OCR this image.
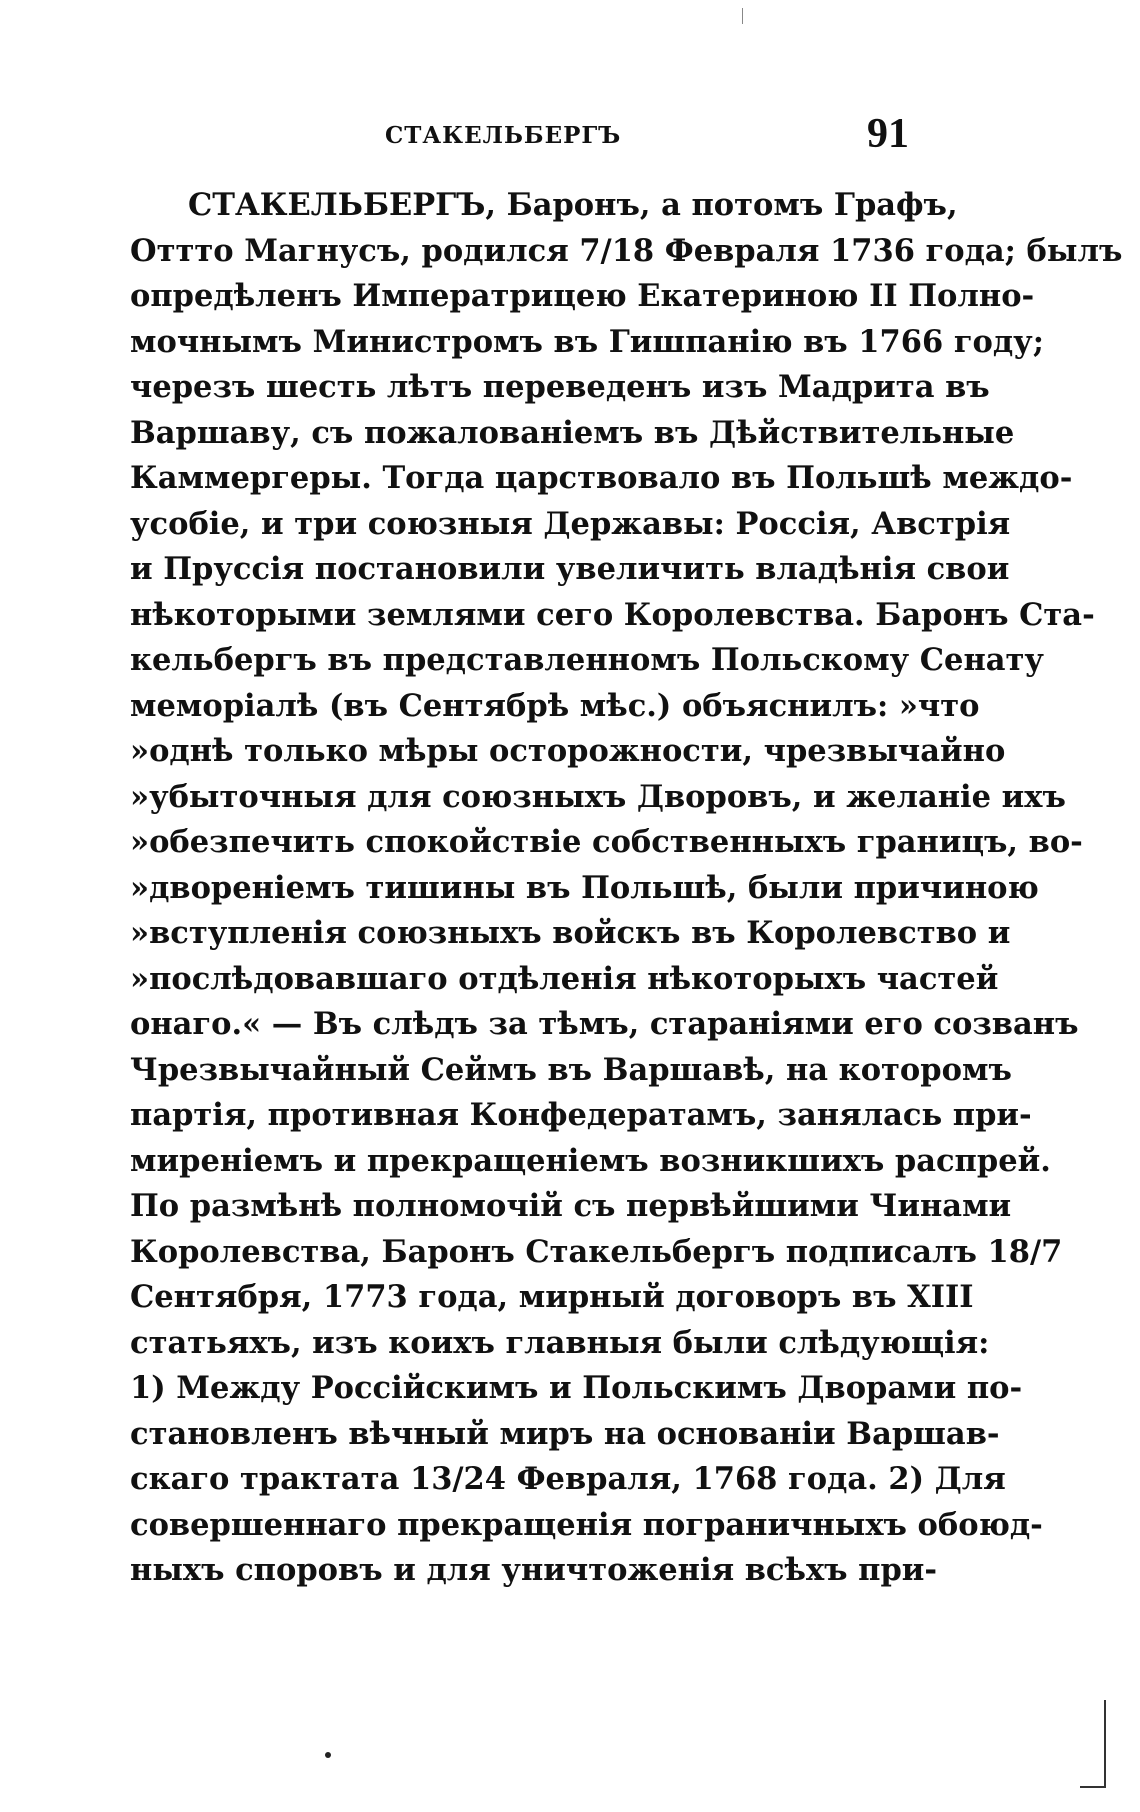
СТАКЕЛЬБЕРГЪ	91
СТАКЕЛЬБЕРГЪ, Баронъ, а потомъ Графъ,
Оттто Магнусъ, родился 7/18 Февраля 1736 года; былъ
опредѣленъ Императрицею Екатериною II Полно-
мочнымъ Министромъ въ Гишпанію въ 1766 году;
черезъ шесть лѣтъ переведенъ изъ Мадрита въ
Варшаву, съ пожалованіемъ въ Дѣйствительные
Каммергеры. Тогда царствовало въ Польшѣ междо-
усобіе, и три союзныя Державы: Россія, Австрія
и Пруссія постановили увеличить владѣнія свои
нѣкоторыми землями сего Королевства. Баронъ Ста-
кельбергъ въ представленномъ Польскому Сенату
меморіалѣ (въ Сентябрѣ мѣс.) объяснилъ: »что
»однѣ только мѣры осторожности, чрезвычайно
»убыточныя для союзныхъ Дворовъ, и желаніе ихъ
»обезпечить спокойствіе собственныхъ границъ, во-
»двореніемъ тишины въ Польшѣ, были причиною
»вступленія союзныхъ войскъ въ Королевство и
»послѣдовавшаго отдѣленія нѣкоторыхъ частей
онаго.« — Въ слѣдъ за тѣмъ, стараніями его созванъ
Чрезвычайный Сеймъ въ Варшавѣ, на которомъ
партія, противная Конфедератамъ, занялась при-
миреніемъ и прекращеніемъ возникшихъ распрей.
По размѣнѣ полномочій съ первѣйшими Чинами
Королевства, Баронъ Стакельбергъ подписалъ 18/7
Сентября, 1773 года, мирный договоръ въ XIII
статьяхъ, изъ коихъ главныя были слѣдующія:
1) Между Россійскимъ и Польскимъ Дворами по-
становленъ вѣчный миръ на основаніи Варшав-
скаго трактата 13/24 Февраля, 1768 года. 2) Для
совершеннаго прекращенія пограничныхъ обоюд-
ныхъ споровъ и для уничтоженія всѣхъ при-
